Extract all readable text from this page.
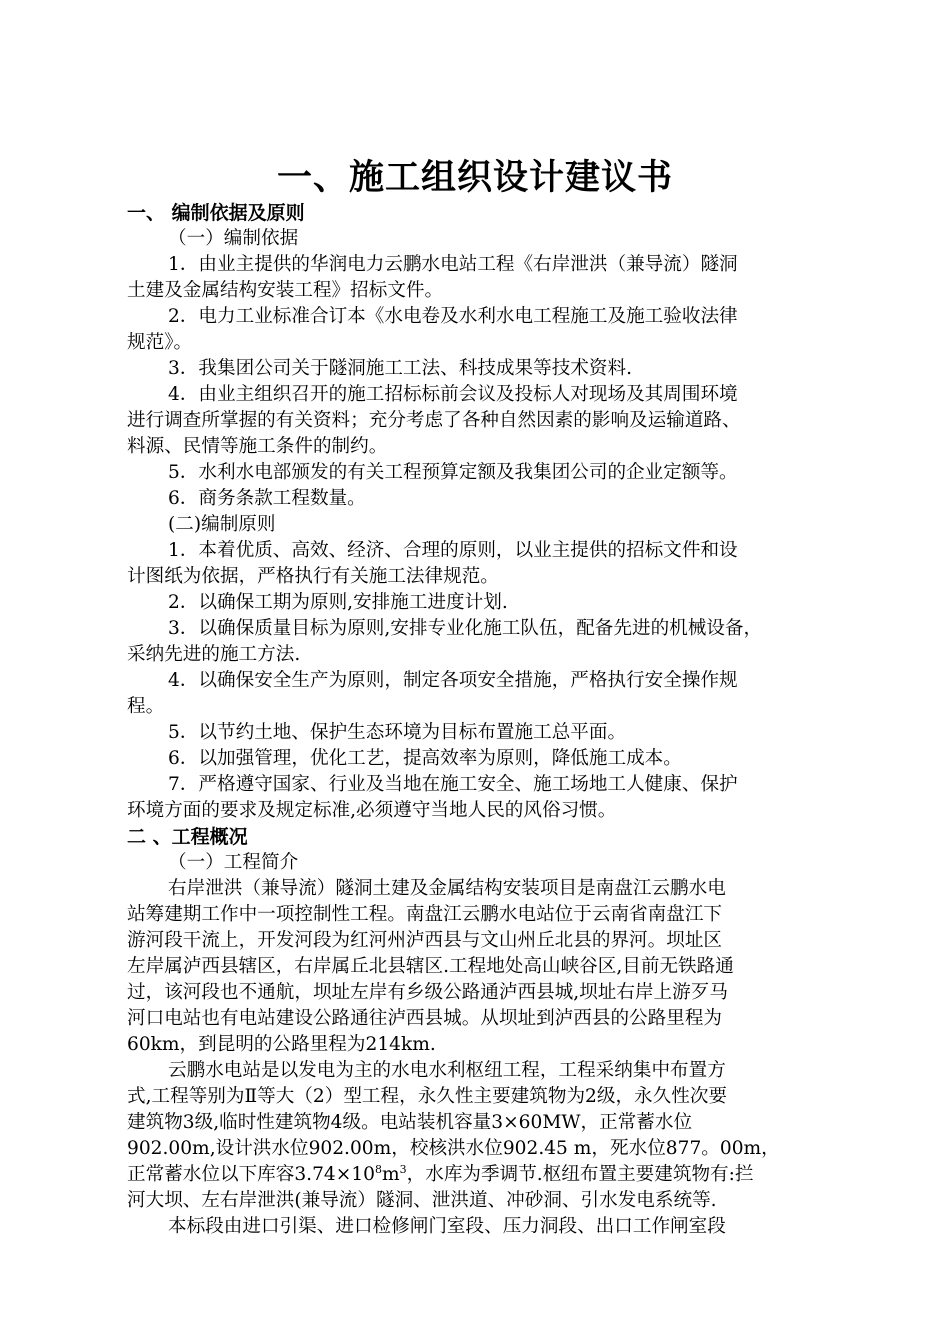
一、施工组织设计建议书
一、 编制依据及原则
（一）编制依据
1．由业主提供的华润电力云鹏水电站工程《右岸泄洪（兼导流）隧洞
土建及金属结构安装工程》招标文件。
2．电力工业标准合订本《水电卷及水利水电工程施工及施工验收法律
规范》。
3．我集团公司关于隧洞施工工法、科技成果等技术资料.
4．由业主组织召开的施工招标标前会议及投标人对现场及其周围环境
进行调查所掌握的有关资料；充分考虑了各种自然因素的影响及运输道路、
料源、民情等施工条件的制约。
5．水利水电部颁发的有关工程预算定额及我集团公司的企业定额等。
6．商务条款工程数量。
(二)编制原则
1．本着优质、高效、经济、合理的原则，以业主提供的招标文件和设
计图纸为依据，严格执行有关施工法律规范。
2．以确保工期为原则,安排施工进度计划.
3．以确保质量目标为原则,安排专业化施工队伍，配备先进的机械设备，
采纳先进的施工方法.
4．以确保安全生产为原则，制定各项安全措施，严格执行安全操作规
程。
5．以节约土地、保护生态环境为目标布置施工总平面。
6．以加强管理，优化工艺，提高效率为原则，降低施工成本。
7．严格遵守国家、行业及当地在施工安全、施工场地工人健康、保护
环境方面的要求及规定标准,必须遵守当地人民的风俗习惯。
二 、工程概况
（一）工程简介
右岸泄洪（兼导流）隧洞土建及金属结构安装项目是南盘江云鹏水电
站筹建期工作中一项控制性工程。南盘江云鹏水电站位于云南省南盘江下
游河段干流上，开发河段为红河州泸西县与文山州丘北县的界河。坝址区
左岸属泸西县辖区，右岸属丘北县辖区.工程地处高山峡谷区,目前无铁路通
过，该河段也不通航，坝址左岸有乡级公路通泸西县城,坝址右岸上游歹马
河口电站也有电站建设公路通往泸西县城。从坝址到泸西县的公路里程为
60km，到昆明的公路里程为214km.
云鹏水电站是以发电为主的水电水利枢纽工程，工程采纳集中布置方
式,工程等别为Ⅱ等大（2）型工程，永久性主要建筑物为2级，永久性次要
建筑物3级,临时性建筑物4级。电站装机容量3×60MW，正常蓄水位
902.00m,设计洪水位902.00m，校核洪水位902.45 m，死水位877。00m，
正常蓄水位以下库容$3.74\times 10^8m^3$，水库为季调节.枢纽布置主要建筑物有:拦
河大坝、左右岸泄洪(兼导流）隧洞、泄洪道、冲砂洞、引水发电系统等.
本标段由进口引渠、进口检修闸门室段、压力洞段、出口工作闸室段
